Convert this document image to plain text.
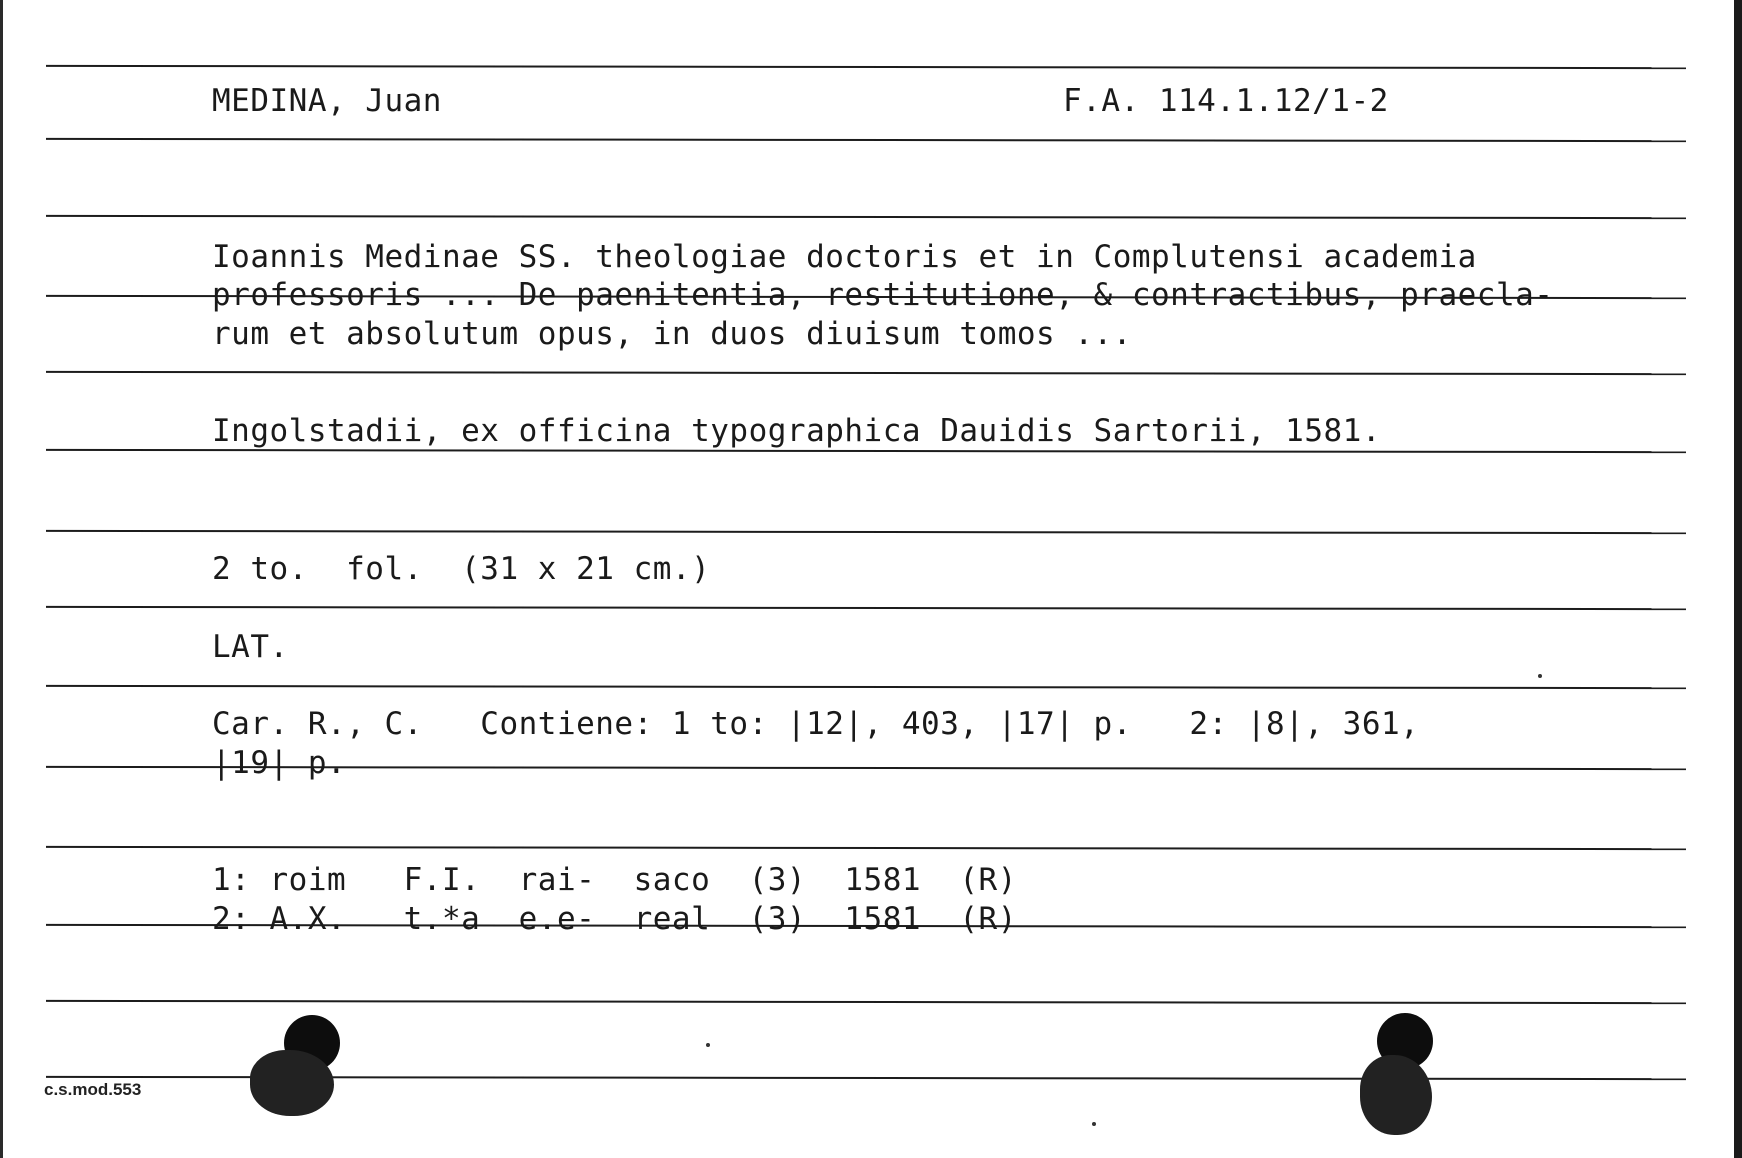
MEDINA, Juan	F.A. 114.1.12/1-2
Ioannis Medinae SS. theologiae doctoris et in Complutensi academia
professoris ... De paenitentia, restitutione, & contractibus, praecla-
rum et absolutum opus, in duos diuisum tomos ...
Ingolstadii, ex officina typographica Dauidis Sartorii, 1581.
2 to.  fol.  (31 x 21 cm.)
LAT.
Car. R., C.   Contiene: 1 to: |12|, 403, |17| p.   2: |8|, 361,
|19| p.
1: roim   F.I.  rai-  saco  (3)  1581  (R)
2: A.X.   t.*a  e.e-  real  (3)  1581  (R)
c.s.mod.553
